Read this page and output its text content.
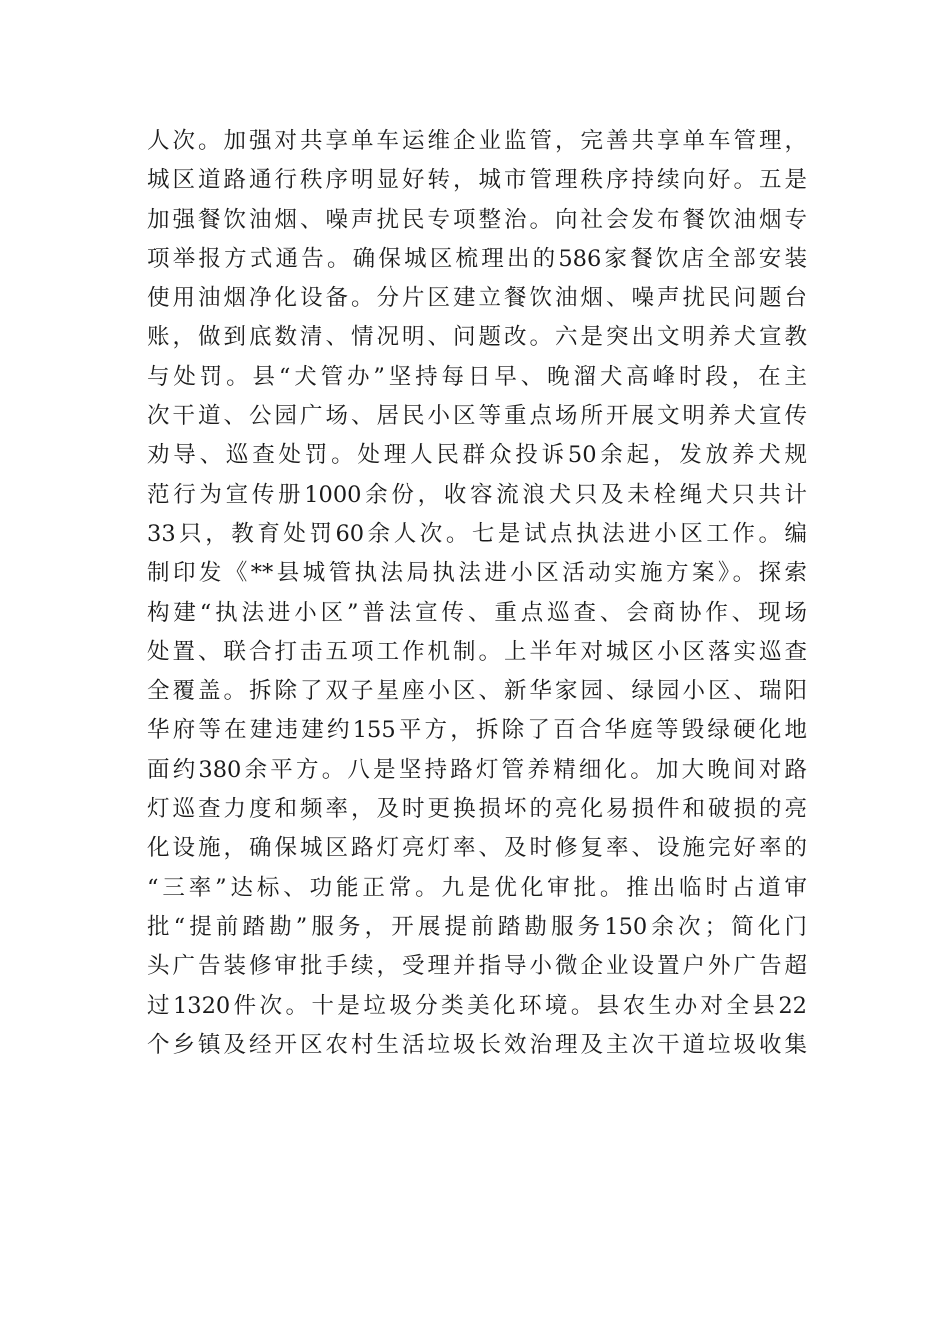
人次。加强对共享单车运维企业监管，完善共享单车管理，
城区道路通行秩序明显好转，城市管理秩序持续向好。五是
加强餐饮油烟、噪声扰民专项整治。向社会发布餐饮油烟专
项举报方式通告。确保城区梳理出的586家餐饮店全部安装
使用油烟净化设备。分片区建立餐饮油烟、噪声扰民问题台
账，做到底数清、情况明、问题改。六是突出文明养犬宣教
与处罚。县“犬管办”坚持每日早、晚溜犬高峰时段，在主
次干道、公园广场、居民小区等重点场所开展文明养犬宣传
劝导、巡查处罚。处理人民群众投诉50余起，发放养犬规
范行为宣传册1000余份，收容流浪犬只及未栓绳犬只共计
33只，教育处罚60余人次。七是试点执法进小区工作。编
制印发《**县城管执法局执法进小区活动实施方案》。探索
构建“执法进小区”普法宣传、重点巡查、会商协作、现场
处置、联合打击五项工作机制。上半年对城区小区落实巡查
全覆盖。拆除了双子星座小区、新华家园、绿园小区、瑞阳
华府等在建违建约155平方，拆除了百合华庭等毁绿硬化地
面约380余平方。八是坚持路灯管养精细化。加大晚间对路
灯巡查力度和频率，及时更换损坏的亮化易损件和破损的亮
化设施，确保城区路灯亮灯率、及时修复率、设施完好率的
“三率”达标、功能正常。九是优化审批。推出临时占道审
批“提前踏勘”服务，开展提前踏勘服务150余次；简化门
头广告装修审批手续，受理并指导小微企业设置户外广告超
过1320件次。十是垃圾分类美化环境。县农生办对全县22
个乡镇及经开区农村生活垃圾长效治理及主次干道垃圾收集
